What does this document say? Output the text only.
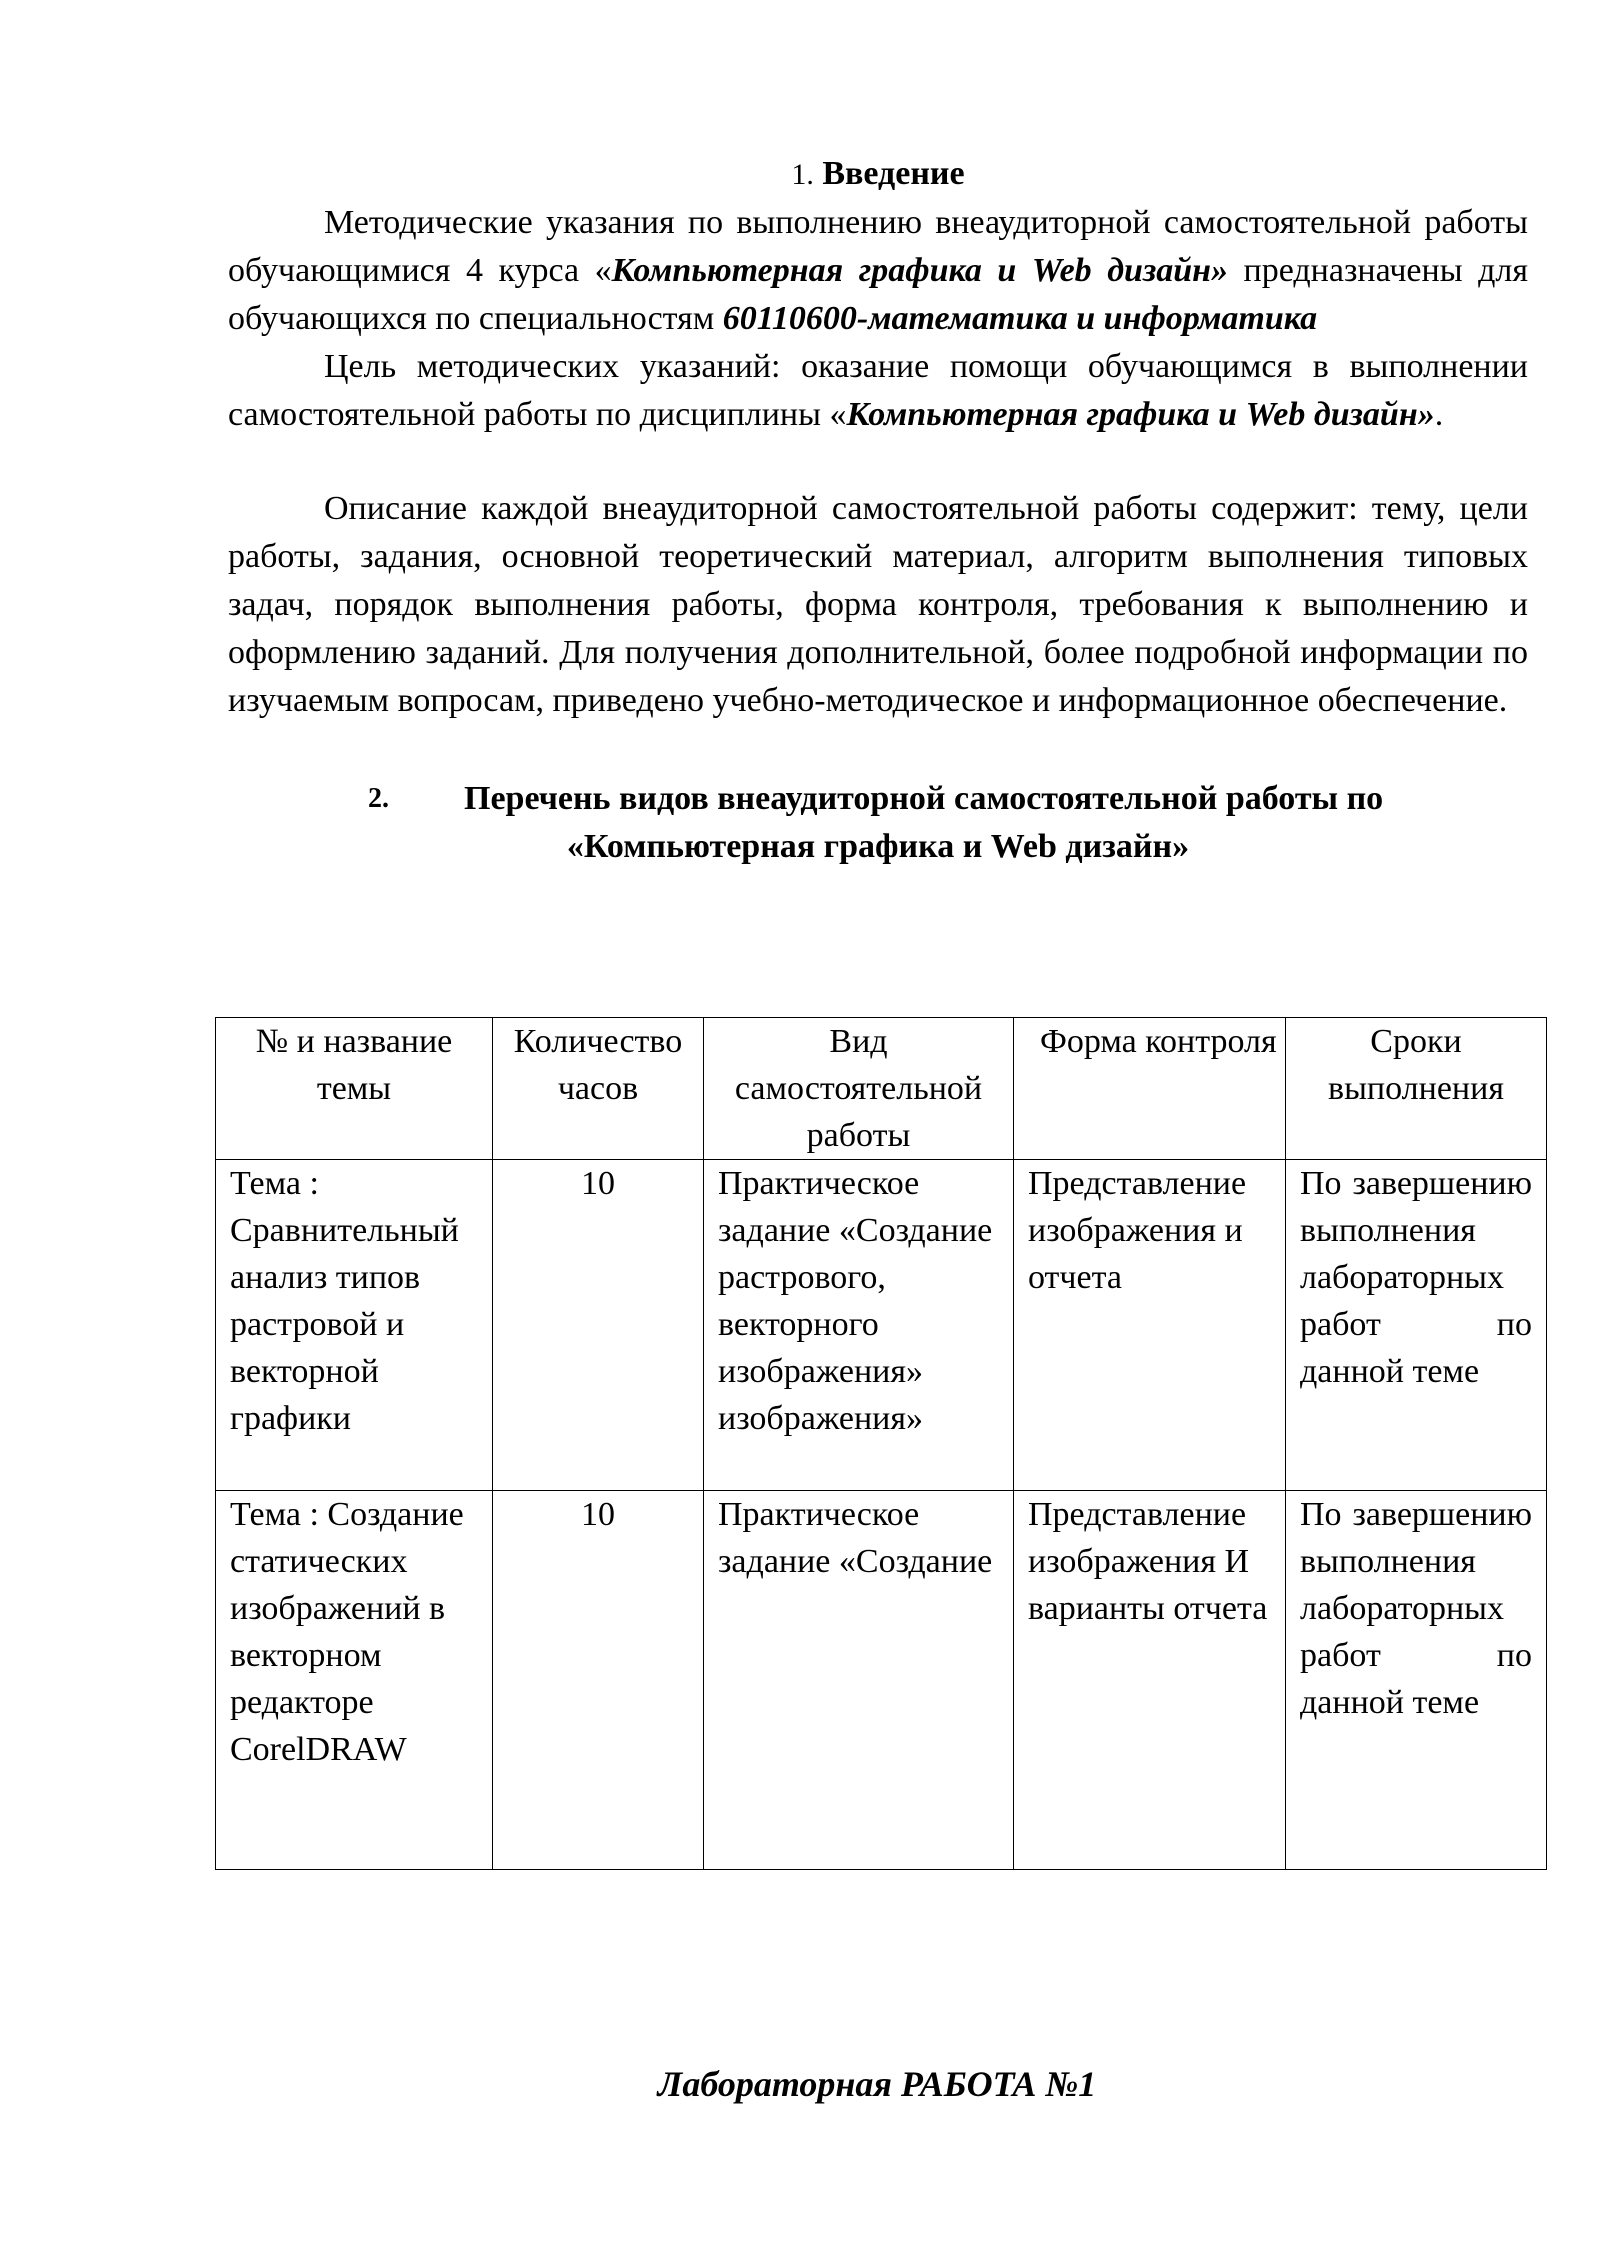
1. Введение

Методические указания по выполнению внеаудиторной самостоятельной работы обучающимися 4 курса «Компьютерная графика и Web дизайн» предназначены для обучающихся по специальностям 60110600-математика и информатика

Цель методических указаний: оказание помощи обучающимся в выполнении самостоятельной работы по дисциплины «Компьютерная графика и Web дизайн».

Описание каждой внеаудиторной самостоятельной работы содержит: тему, цели работы, задания, основной теоретический материал, алгоритм выполнения типовых задач, порядок выполнения работы, форма контроля, требования к выполнению и оформлению заданий. Для получения дополнительной, более подробной информации по изучаемым вопросам, приведено учебно-методическое и информационное обеспечение.

2. Перечень видов внеаудиторной самостоятельной работы по
«Компьютерная графика и Web дизайн»
№ и название темы	Количество часов	Вид самостоятельной работы	Форма контроля	Сроки выполнения
Тема : Сравнительный анализ типов растровой и векторной графики	10	Практическое задание «Создание растрового, векторного изображения» изображения»	Представление изображения и отчета	По завершению выполнения лабораторных работ по данной теме
Тема : Создание статических изображений в векторном редакторе CorelDRAW	10	Практическое задание «Создание	Представление изображения И варианты отчета	По завершению выполнения лабораторных работ по данной теме
Лабораторная РАБОТА №1
